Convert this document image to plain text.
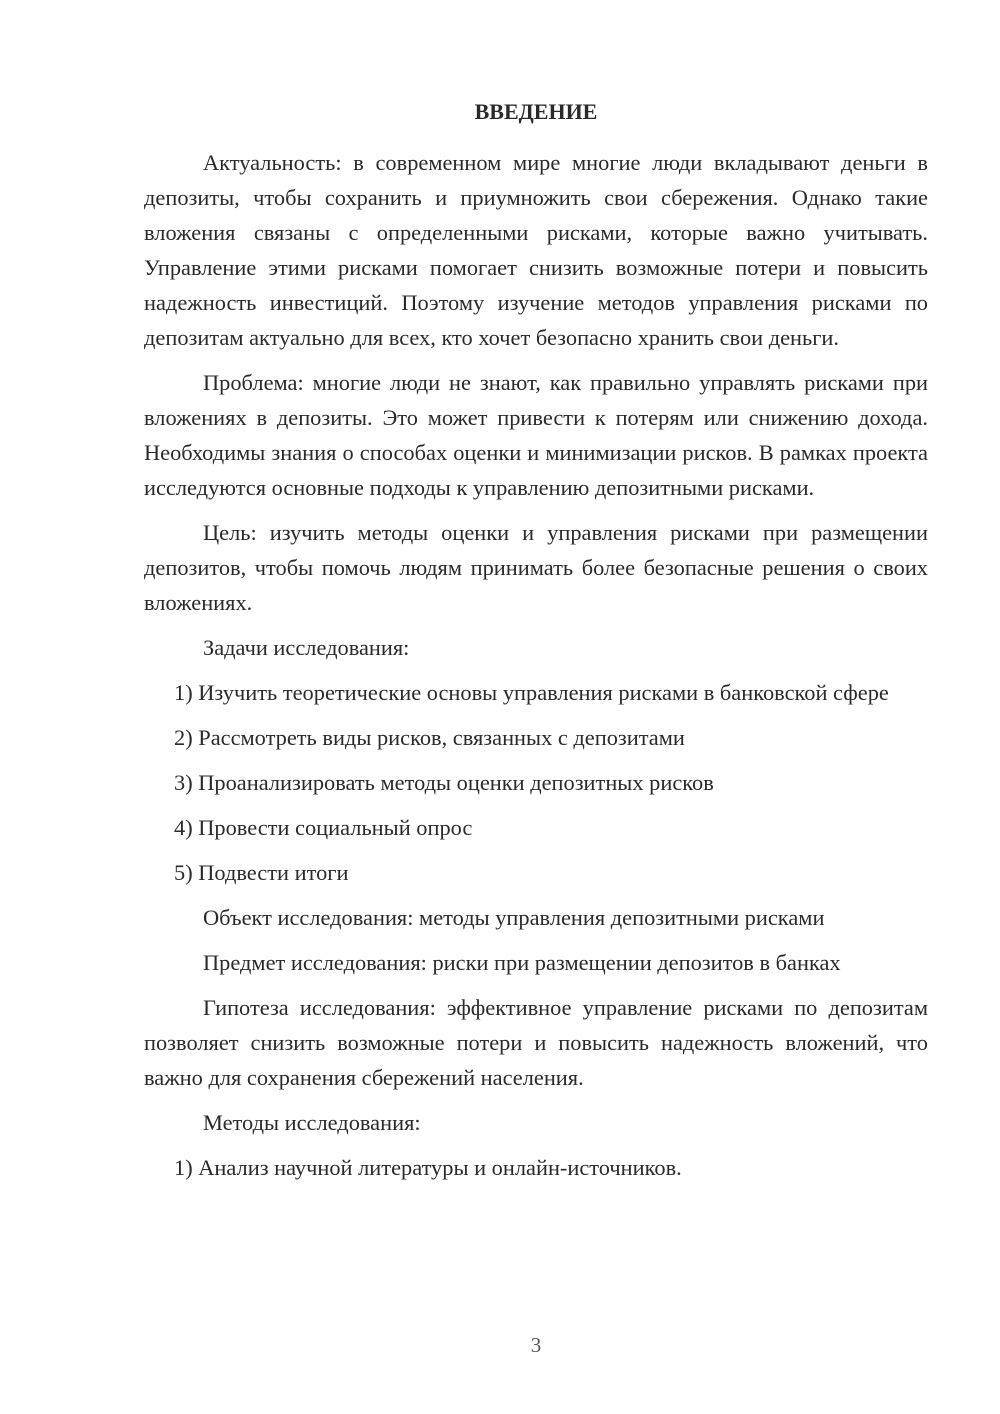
ВВЕДЕНИЕ

Актуальность: в современном мире многие люди вкладывают деньги в депозиты, чтобы сохранить и приумножить свои сбережения. Однако такие вложения связаны с определенными рисками, которые важно учитывать. Управление этими рисками помогает снизить возможные потери и повысить надежность инвестиций. Поэтому изучение методов управления рисками по депозитам актуально для всех, кто хочет безопасно хранить свои деньги.

Проблема: многие люди не знают, как правильно управлять рисками при вложениях в депозиты. Это может привести к потерям или снижению дохода. Необходимы знания о способах оценки и минимизации рисков. В рамках проекта исследуются основные подходы к управлению депозитными рисками.

Цель: изучить методы оценки и управления рисками при размещении депозитов, чтобы помочь людям принимать более безопасные решения о своих вложениях.

Задачи исследования:

1) Изучить теоретические основы управления рисками в банковской сфере

2) Рассмотреть виды рисков, связанных с депозитами

3) Проанализировать методы оценки депозитных рисков

4) Провести социальный опрос

5) Подвести итоги

Объект исследования: методы управления депозитными рисками

Предмет исследования: риски при размещении депозитов в банках

Гипотеза исследования: эффективное управление рисками по депозитам позволяет снизить возможные потери и повысить надежность вложений, что важно для сохранения сбережений населения.

Методы исследования:

1) Анализ научной литературы и онлайн-источников.

3
